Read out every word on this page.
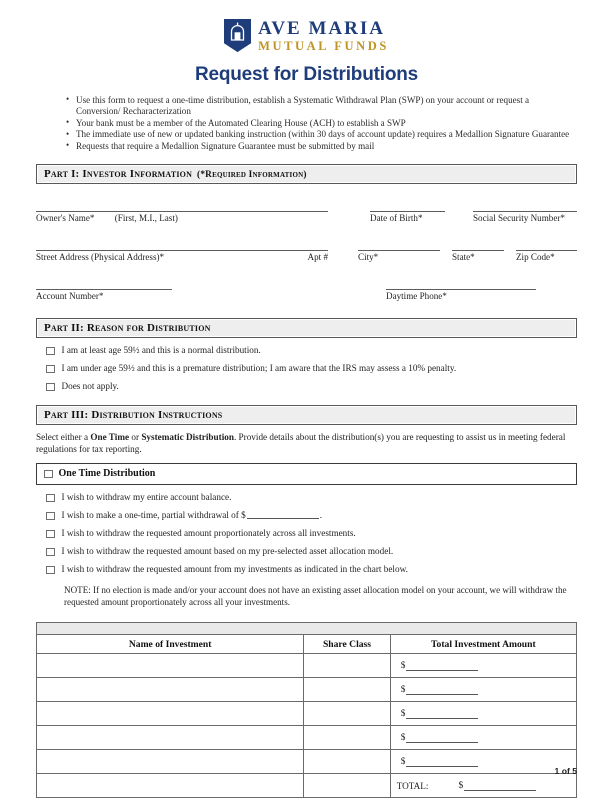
AVE MARIA
MUTUAL FUNDS
Request for Distributions
• Use this form to request a one-time distribution, establish a Systematic Withdrawal Plan (SWP) on your account or request a Conversion/ Recharacterization
• Your bank must be a member of the Automated Clearing House (ACH) to establish a SWP
• The immediate use of new or updated banking instruction (within 30 days of account update) requires a Medallion Signature Guarantee
• Requests that require a Medallion Signature Guarantee must be submitted by mail
Part I: Investor Information (*Required Information)
Owner's Name* (First, M.I., Last)	Date of Birth*	Social Security Number*
Street Address (Physical Address)*	Apt #	City*	State*	Zip Code*
Account Number*	Daytime Phone*
Part II: Reason for Distribution
I am at least age 59½ and this is a normal distribution.
I am under age 59½ and this is a premature distribution; I am aware that the IRS may assess a 10% penalty.
Does not apply.
Part III: Distribution Instructions
Select either a One Time or Systematic Distribution. Provide details about the distribution(s) you are requesting to assist us in meeting federal regulations for tax reporting.
One Time Distribution
I wish to withdraw my entire account balance.
I wish to make a one-time, partial withdrawal of $	.
I wish to withdraw the requested amount proportionately across all investments.
I wish to withdraw the requested amount based on my pre-selected asset allocation model.
I wish to withdraw the requested amount from my investments as indicated in the chart below.
NOTE: If no election is made and/or your account does not have an existing asset allocation model on your account, we will withdraw the requested amount proportionately across all your investments.

Name of Investment	Share Class	Total Investment Amount

		$

		$

		$

		$

		$

		TOTAL: $
1 of 5
